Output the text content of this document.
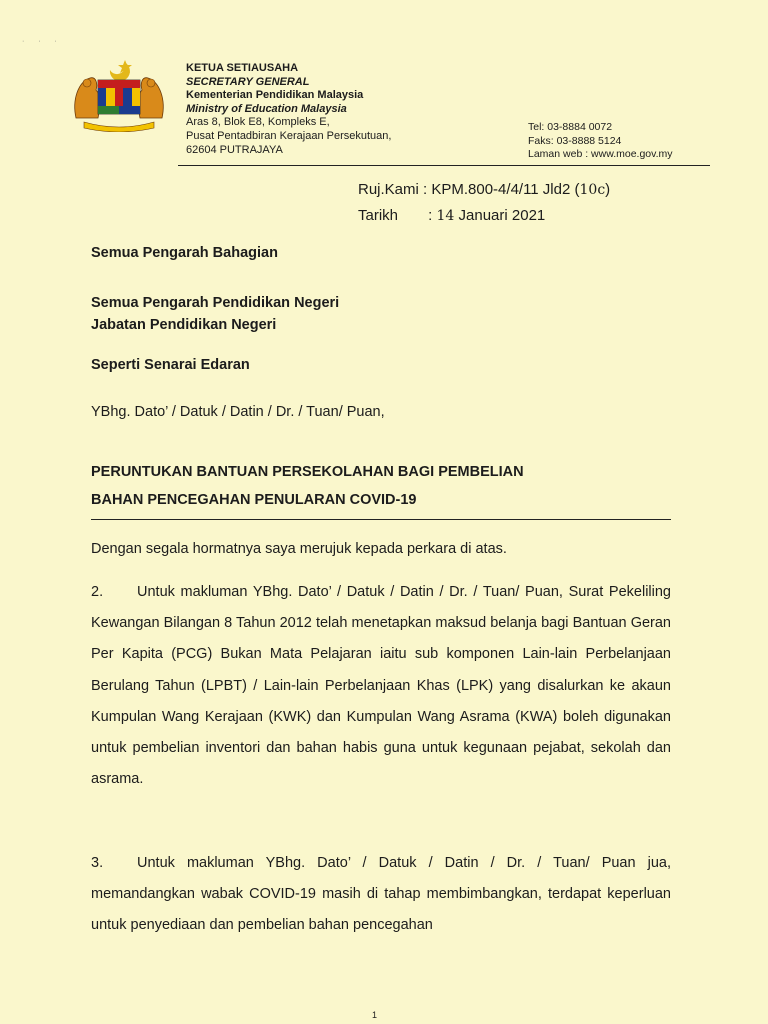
· · ·
KETUA SETIAUSAHA
SECRETARY GENERAL
Kementerian Pendidikan Malaysia
Ministry of Education Malaysia
Aras 8, Blok E8, Kompleks E,
Pusat Pentadbiran Kerajaan Persekutuan,
62604 PUTRAJAYA
Tel: 03-8884 0072
Faks: 03-8888 5124
Laman web : www.moe.gov.my
Ruj.Kami : KPM.800-4/4/11 Jld2 (10c)
Tarikh : 14 Januari 2021
Semua Pengarah Bahagian
Semua Pengarah Pendidikan Negeri
Jabatan Pendidikan Negeri
Seperti Senarai Edaran
YBhg. Dato’ / Datuk / Datin / Dr. / Tuan/ Puan,
PERUNTUKAN BANTUAN PERSEKOLAHAN BAGI PEMBELIAN
BAHAN PENCEGAHAN PENULARAN COVID-19
Dengan segala hormatnya saya merujuk kepada perkara di atas.
2. Untuk makluman YBhg. Dato’ / Datuk / Datin / Dr. / Tuan/ Puan, Surat Pekeliling Kewangan Bilangan 8 Tahun 2012 telah menetapkan maksud belanja bagi Bantuan Geran Per Kapita (PCG) Bukan Mata Pelajaran iaitu sub komponen Lain-lain Perbelanjaan Berulang Tahun (LPBT) / Lain-lain Perbelanjaan Khas (LPK) yang disalurkan ke akaun Kumpulan Wang Kerajaan (KWK) dan Kumpulan Wang Asrama (KWA) boleh digunakan untuk pembelian inventori dan bahan habis guna untuk kegunaan pejabat, sekolah dan asrama.
3. Untuk makluman YBhg. Dato’ / Datuk / Datin / Dr. / Tuan/ Puan jua, memandangkan wabak COVID-19 masih di tahap membimbangkan, terdapat keperluan untuk penyediaan dan pembelian bahan pencegahan
1
